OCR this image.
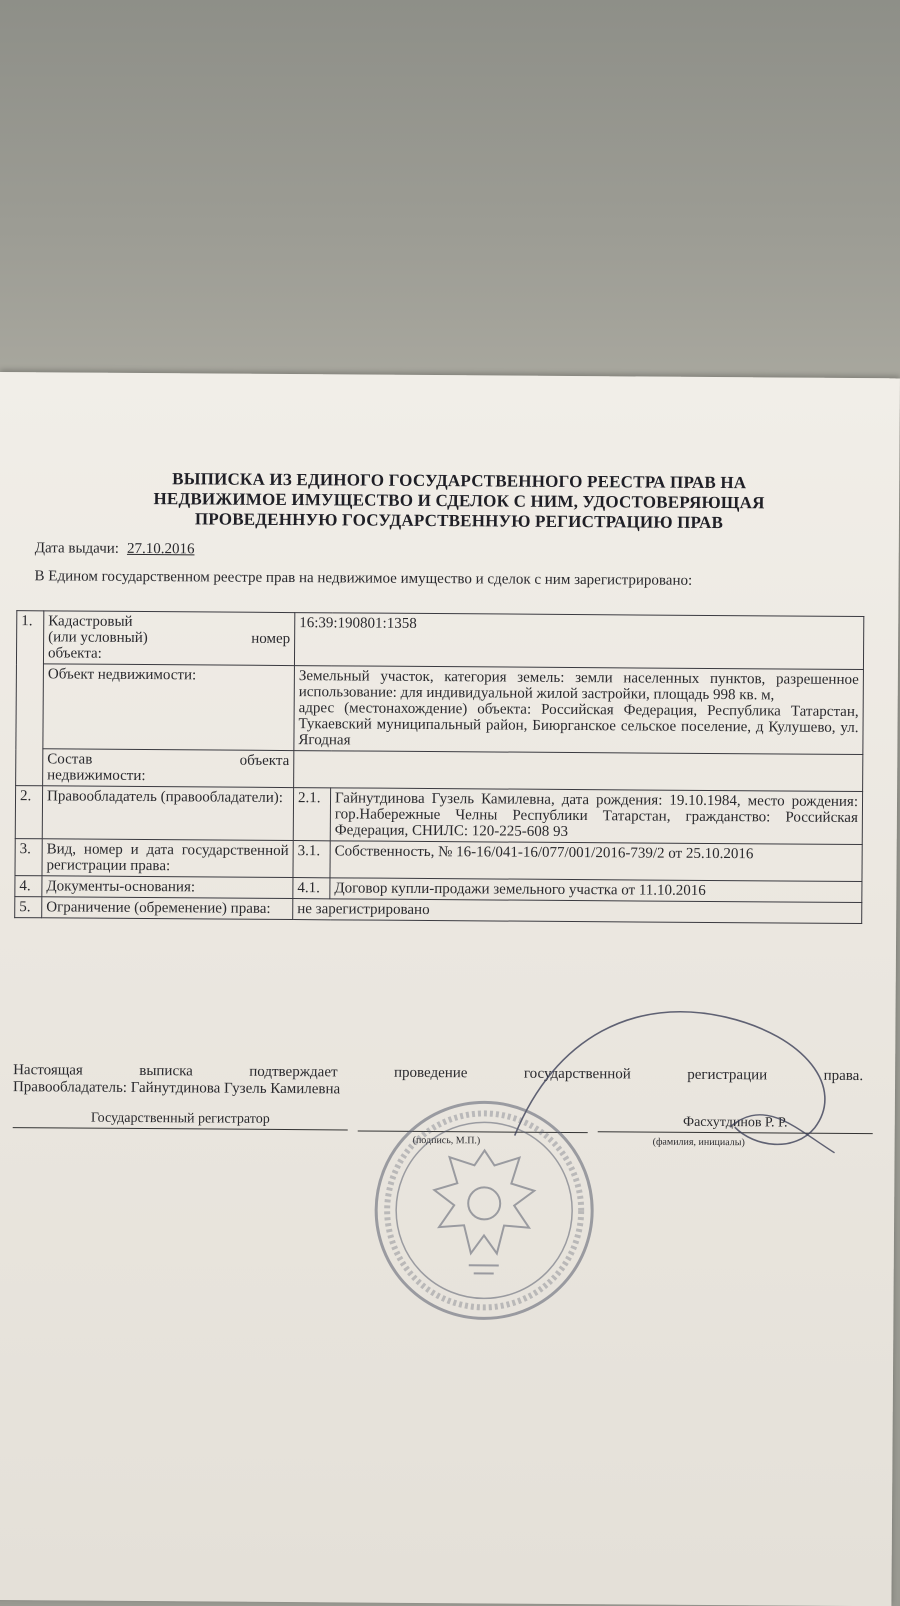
ВЫПИСКА ИЗ ЕДИНОГО ГОСУДАРСТВЕННОГО РЕЕСТРА ПРАВ НА
НЕДВИЖИМОЕ ИМУЩЕСТВО И СДЕЛОК С НИМ, УДОСТОВЕРЯЮЩАЯ
ПРОВЕДЕННУЮ ГОСУДАРСТВЕННУЮ РЕГИСТРАЦИЮ ПРАВ
Дата выдачи: 27.10.2016
В Едином государственном реестре прав на недвижимое имущество и сделок с ним зарегистрировано:
1.	Кадастровый
(или условный) номер
объекта:	16:39:190801:1358	
	Объект недвижимости:	Земельный участок, категория земель: земли населенных пунктов, разрешенное использование: для индивидуальной жилой застройки, площадь 998 кв. м,
адрес (местонахождение) объекта: Российская Федерация, Республика Татарстан, Тукаевский муниципальный район, Биюрганское сельское поселение, д Кулушево, ул. Ягодная	

	Состав объекта
недвижимости:		

2.	Правообладатель (правообладатели):	2.1.	Гайнутдинова Гузель Камилевна, дата рождения: 19.10.1984, место рождения: гор.Набережные Челны Республики Татарстан, гражданство: Российская Федерация, СНИЛС: 120-225-608 93
3.	Вид, номер и дата государственной регистрации права:	3.1.	Собственность, № 16-16/041-16/077/001/2016-739/2 от 25.10.2016
4.	Документы-основания:	4.1.	Договор купли-продажи земельного участка от 11.10.2016
5.	Ограничение (обременение) права:	не зарегистрировано	
Настоящая выписка подтверждает проведение государственной регистрации права.
Правообладатель: Гайнутдинова Гузель Камилевна
Государственный регистратор	Фасхутдинов Р. Р.
(подпись, М.П.)	(фамилия, инициалы)
